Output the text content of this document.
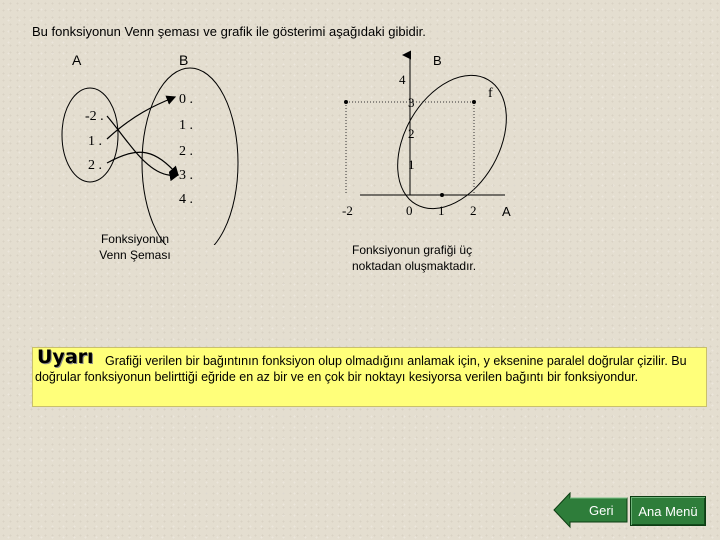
Bu fonksiyonun Venn şeması ve grafik ile gösterimi aşağıdaki gibidir.
A	B
-2 .
1 .
2 .
0 .
1 .
2 .
3 .
4 .
Fonksiyonun
Venn Şeması
B
A
f
-2	0 1 2
1
2
3
4
Fonksiyonun grafiği üç
noktadan oluşmaktadır.
Uyarı Grafiği verilen bir bağıntının fonksiyon olup olmadığını anlamak için, y eksenine paralel doğrular çizilir. Bu doğrular fonksiyonun belirttiği eğride en az bir ve en çok bir noktayı kesiyorsa verilen bağıntı bir fonksiyondur.
Geri	Ana Menü
